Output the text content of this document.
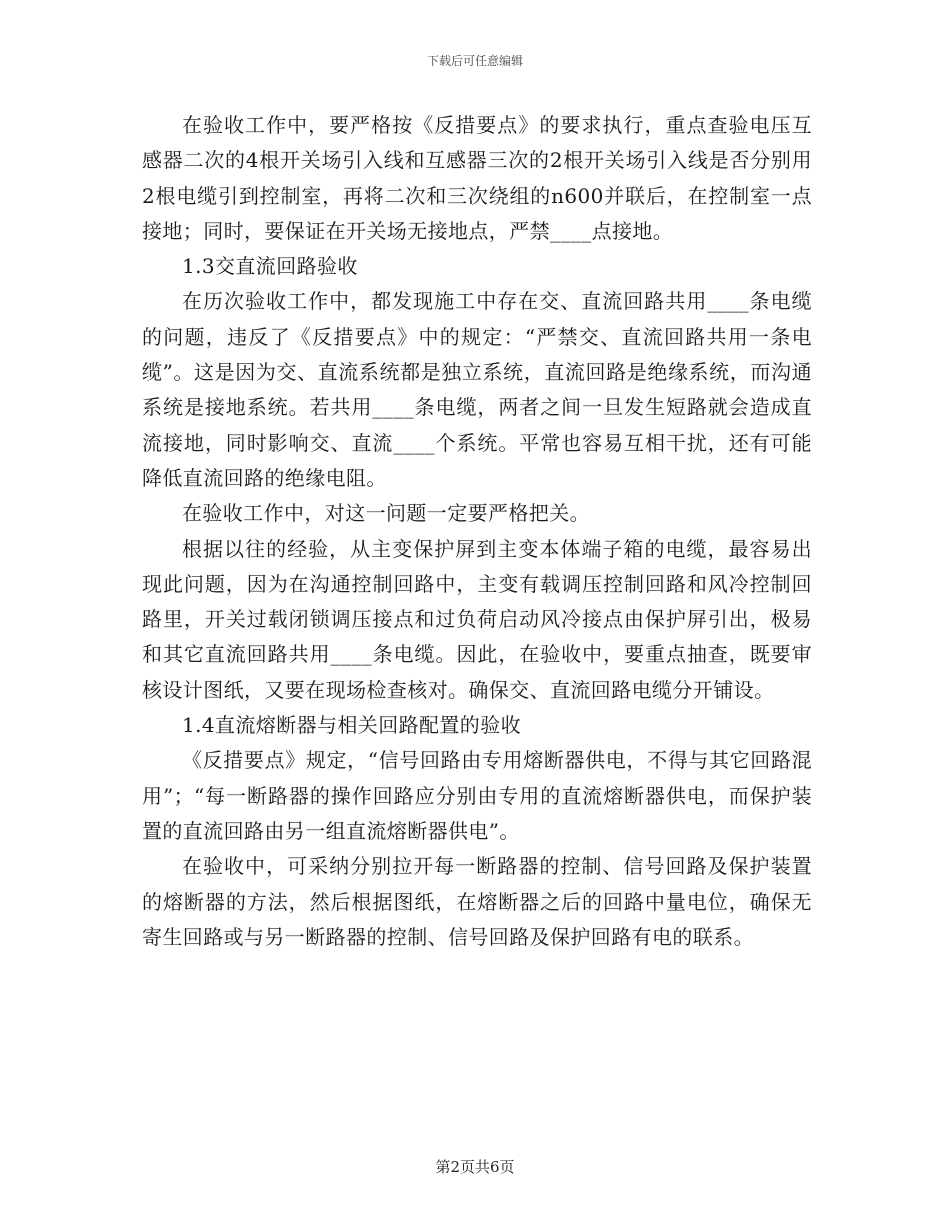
下载后可任意编辑

在验收工作中，要严格按《反措要点》的要求执行，重点查验电压互感器二次的4根开关场引入线和互感器三次的2根开关场引入线是否分别用2根电缆引到控制室，再将二次和三次绕组的n600并联后，在控制室一点接地；同时，要保证在开关场无接地点，严禁____点接地。

1.3交直流回路验收

在历次验收工作中，都发现施工中存在交、直流回路共用____条电缆的问题，违反了《反措要点》中的规定：“严禁交、直流回路共用一条电缆”。这是因为交、直流系统都是独立系统，直流回路是绝缘系统，而沟通系统是接地系统。若共用____条电缆，两者之间一旦发生短路就会造成直流接地，同时影响交、直流____个系统。平常也容易互相干扰，还有可能降低直流回路的绝缘电阻。

在验收工作中，对这一问题一定要严格把关。

根据以往的经验，从主变保护屏到主变本体端子箱的电缆，最容易出现此问题，因为在沟通控制回路中，主变有载调压控制回路和风冷控制回路里，开关过载闭锁调压接点和过负荷启动风冷接点由保护屏引出，极易和其它直流回路共用____条电缆。因此，在验收中，要重点抽查，既要审核设计图纸，又要在现场检查核对。确保交、直流回路电缆分开铺设。

1.4直流熔断器与相关回路配置的验收

《反措要点》规定，“信号回路由专用熔断器供电，不得与其它回路混用”；“每一断路器的操作回路应分别由专用的直流熔断器供电，而保护装置的直流回路由另一组直流熔断器供电”。

在验收中，可采纳分别拉开每一断路器的控制、信号回路及保护装置的熔断器的方法，然后根据图纸，在熔断器之后的回路中量电位，确保无寄生回路或与另一断路器的控制、信号回路及保护回路有电的联系。

第2页共6页
